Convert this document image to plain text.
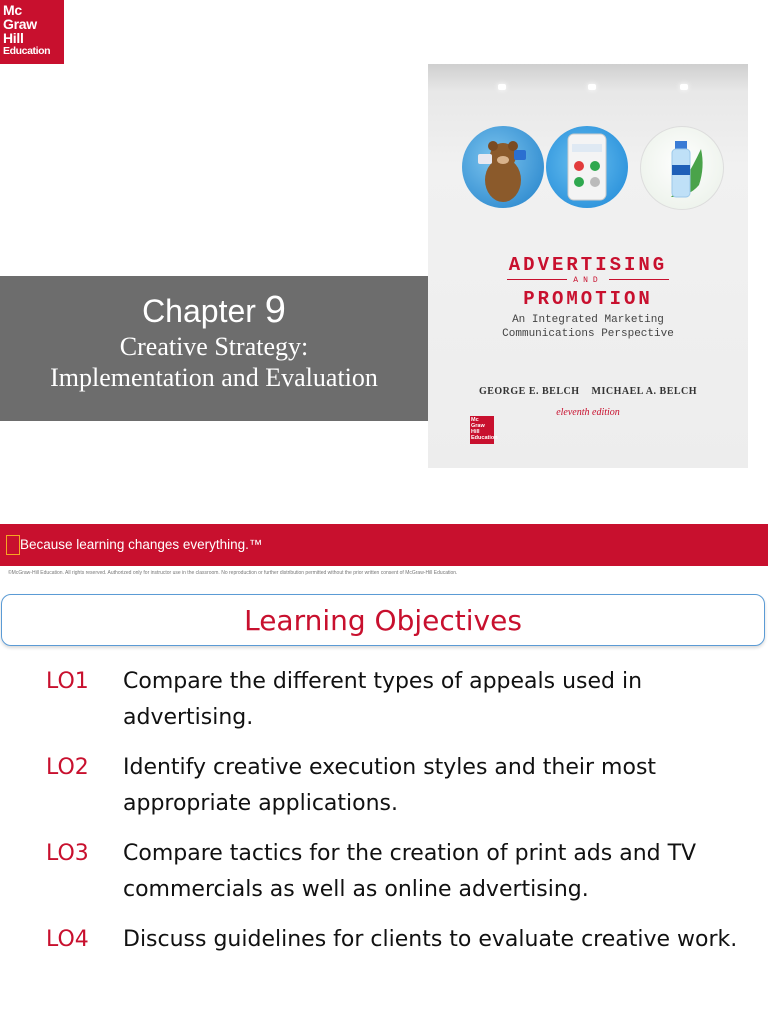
Mc
Graw
Hill
Education
ADVERTISING
AND
PROMOTION
An Integrated Marketing
Communications Perspective
GEORGE E. BELCH    MICHAEL A. BELCH
eleventh edition
Mc
Graw
Hill
Education
Chapter 9
Creative Strategy:
Implementation and Evaluation
Because learning changes everything.™
©McGraw-Hill Education. All rights reserved. Authorized only for instructor use in the classroom. No reproduction or further distribution permitted without the prior written consent of McGraw-Hill Education.
Learning Objectives
LO1	Compare the different types of appeals used in advertising.
LO2	Identify creative execution styles and their most appropriate applications.
LO3	Compare tactics for the creation of print ads and TV commercials as well as online advertising.
LO4	Discuss guidelines for clients to evaluate creative work.
